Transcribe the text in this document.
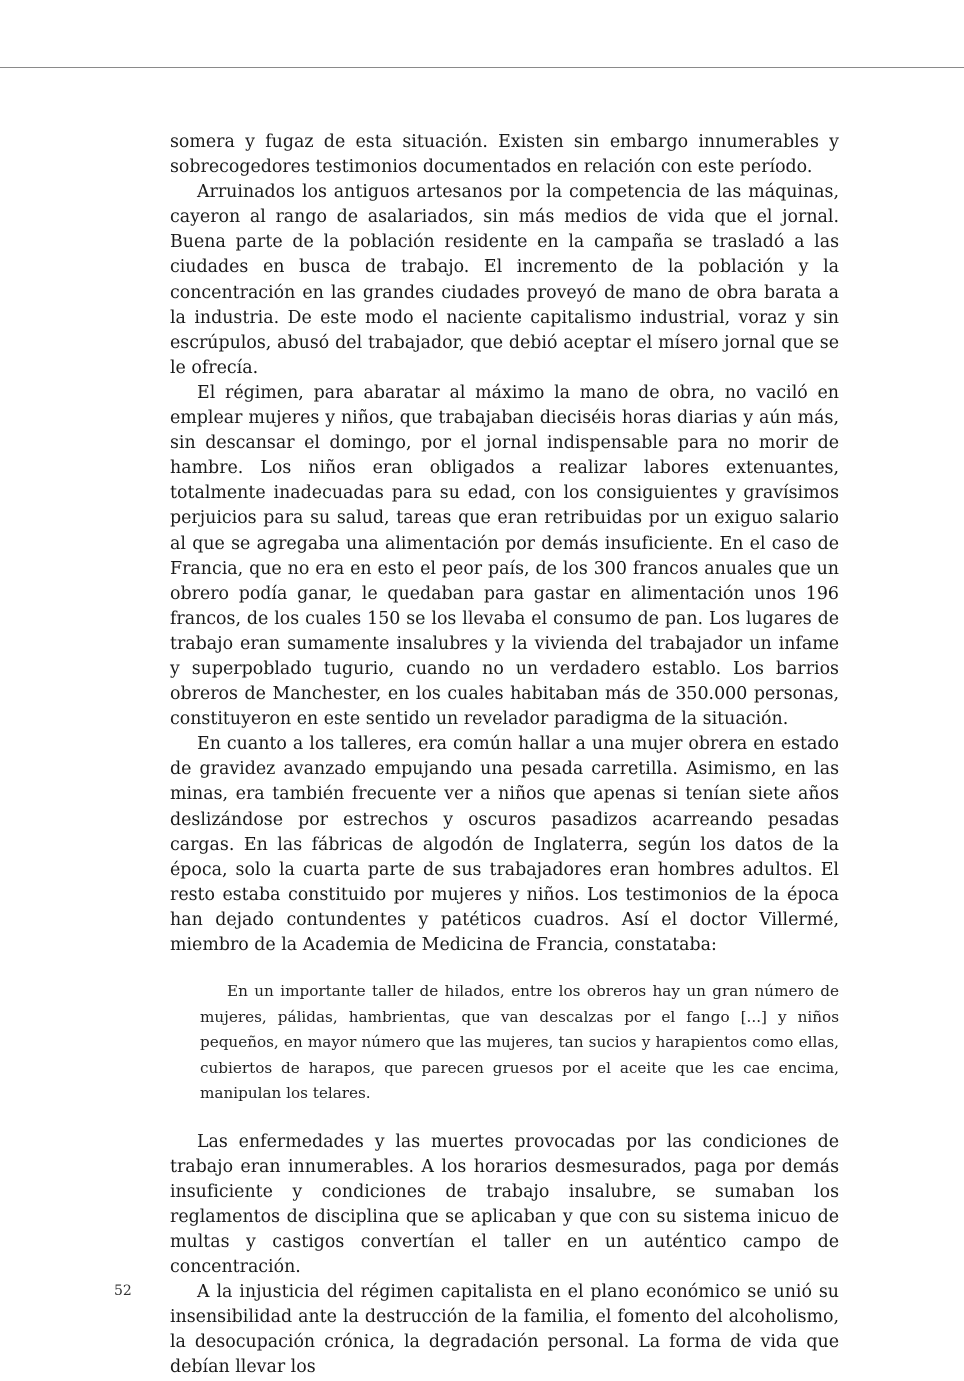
somera y fugaz de esta situación. Existen sin embargo innumerables y sobrecogedores testimonios documentados en relación con este período.

Arruinados los antiguos artesanos por la competencia de las máquinas, cayeron al rango de asalariados, sin más medios de vida que el jornal. Buena parte de la población residente en la campaña se trasladó a las ciudades en busca de trabajo. El incremento de la población y la concentración en las grandes ciudades proveyó de mano de obra barata a la industria. De este modo el naciente capitalismo industrial, voraz y sin escrúpulos, abusó del trabajador, que debió aceptar el mísero jornal que se le ofrecía.

El régimen, para abaratar al máximo la mano de obra, no vaciló en emplear mujeres y niños, que trabajaban dieciséis horas diarias y aún más, sin descansar el domingo, por el jornal indispensable para no morir de hambre. Los niños eran obligados a realizar labores extenuantes, totalmente inadecuadas para su edad, con los consiguientes y gravísimos perjuicios para su salud, tareas que eran retribuidas por un exiguo salario al que se agregaba una alimentación por demás insuficiente. En el caso de Francia, que no era en esto el peor país, de los 300 francos anuales que un obrero podía ganar, le quedaban para gastar en alimentación unos 196 francos, de los cuales 150 se los llevaba el consumo de pan. Los lugares de trabajo eran sumamente insalubres y la vivienda del trabajador un infame y superpoblado tugurio, cuando no un verdadero establo. Los barrios obreros de Manchester, en los cuales habitaban más de 350.000 personas, constituyeron en este sentido un revelador paradigma de la situación.

En cuanto a los talleres, era común hallar a una mujer obrera en estado de gravidez avanzado empujando una pesada carretilla. Asimismo, en las minas, era también frecuente ver a niños que apenas si tenían siete años deslizándose por estrechos y oscuros pasadizos acarreando pesadas cargas. En las fábricas de algodón de Inglaterra, según los datos de la época, solo la cuarta parte de sus trabajadores eran hombres adultos. El resto estaba constituido por mujeres y niños. Los testimonios de la época han dejado contundentes y patéticos cuadros. Así el doctor Villermé, miembro de la Academia de Medicina de Francia, constataba:

En un importante taller de hilados, entre los obreros hay un gran número de mujeres, pálidas, hambrientas, que van descalzas por el fango [...] y niños pequeños, en mayor número que las mujeres, tan sucios y harapientos como ellas, cubiertos de harapos, que parecen gruesos por el aceite que les cae encima, manipulan los telares.

Las enfermedades y las muertes provocadas por las condiciones de trabajo eran innumerables. A los horarios desmesurados, paga por demás insuficiente y condiciones de trabajo insalubre, se sumaban los reglamentos de disciplina que se aplicaban y que con su sistema inicuo de multas y castigos convertían el taller en un auténtico campo de concentración.

A la injusticia del régimen capitalista en el plano económico se unió su insensibilidad ante la destrucción de la familia, el fomento del alcoholismo, la desocupación crónica, la degradación personal. La forma de vida que debían llevar los

52
